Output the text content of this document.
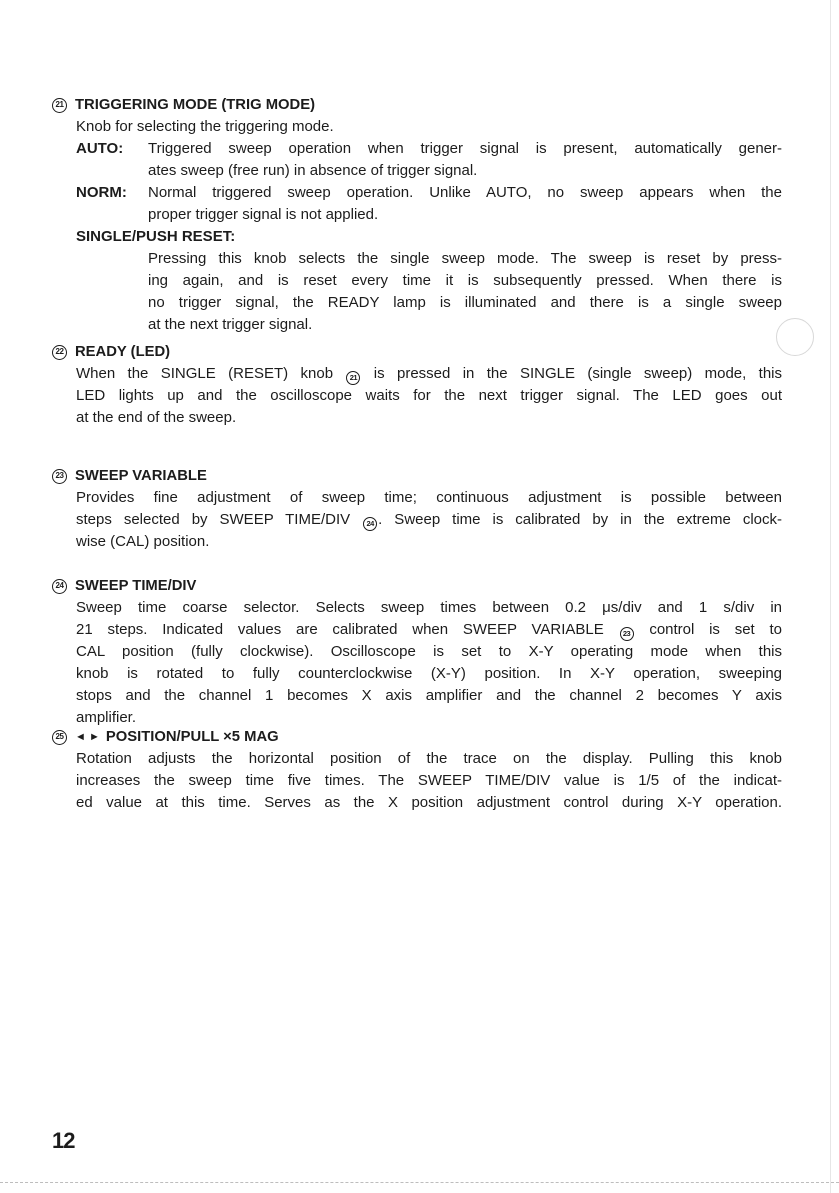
21 TRIGGERING MODE (TRIG MODE)
Knob for selecting the triggering mode.
AUTO:	Triggered sweep operation when trigger signal is present, automatically gener-
ates sweep (free run) in absence of trigger signal.
NORM:	Normal triggered sweep operation. Unlike AUTO, no sweep appears when the
proper trigger signal is not applied.
SINGLE/PUSH RESET:
Pressing this knob selects the single sweep mode. The sweep is reset by press-
ing again, and is reset every time it is subsequently pressed. When there is
no trigger signal, the READY lamp is illuminated and there is a single sweep
at the next trigger signal.
22 READY (LED)
When the SINGLE (RESET) knob 21 is pressed in the SINGLE (single sweep) mode, this
LED lights up and the oscilloscope waits for the next trigger signal. The LED goes out
at the end of the sweep.
23 SWEEP VARIABLE
Provides fine adjustment of sweep time; continuous adjustment is possible between
steps selected by SWEEP TIME/DIV 24 . Sweep time is calibrated by in the extreme clock-
wise (CAL) position.
24 SWEEP TIME/DIV
Sweep time coarse selector. Selects sweep times between 0.2 μs/div and 1 s/div in
21 steps. Indicated values are calibrated when SWEEP VARIABLE	23 control is set to
CAL position (fully clockwise). Oscilloscope is set to X-Y operating mode when this
knob is rotated to fully counterclockwise (X-Y) position. In X-Y operation, sweeping
stops and the channel 1 becomes X axis amplifier and the channel 2 becomes Y axis
amplifier.
25	◄ ► POSITION/PULL ×5 MAG
Rotation adjusts the horizontal position of the trace on the display. Pulling this knob
increases the sweep time five times. The SWEEP TIME/DIV value is 1/5 of the indicat-
ed value at this time. Serves as the X position adjustment control during X-Y operation.
12
